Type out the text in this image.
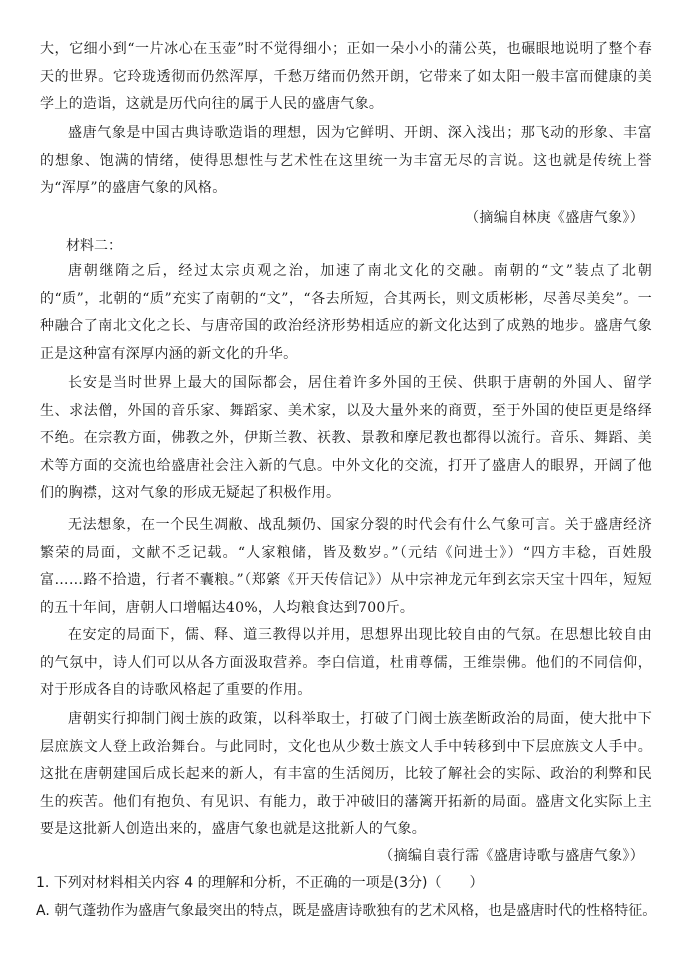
大，它细小到“一片冰心在玉壶”时不觉得细小；正如一朵小小的蒲公英，也碾眼地说明了整个春天的世界。它玲珑透彻而仍然浑厚，千愁万绪而仍然开朗，它带来了如太阳一般丰富而健康的美学上的造诣，这就是历代向往的属于人民的盛唐气象。

盛唐气象是中国古典诗歌造诣的理想，因为它鲜明、开朗、深入浅出；那飞动的形象、丰富的想象、饱满的情绪，使得思想性与艺术性在这里统一为丰富无尽的言说。这也就是传统上誉为“浑厚”的盛唐气象的风格。

（摘编自林庚《盛唐气象》）
材料二：

唐朝继隋之后，经过太宗贞观之治，加速了南北文化的交融。南朝的“文”装点了北朝的“质”，北朝的“质”充实了南朝的“文”，“各去所短，合其两长，则文质彬彬，尽善尽美矣”。一种融合了南北文化之长、与唐帝国的政治经济形势相适应的新文化达到了成熟的地步。盛唐气象正是这种富有深厚内涵的新文化的升华。

长安是当时世界上最大的国际都会，居住着许多外国的王侯、供职于唐朝的外国人、留学生、求法僧，外国的音乐家、舞蹈家、美术家，以及大量外来的商贾，至于外国的使臣更是络绎不绝。在宗教方面，佛教之外，伊斯兰教、祆教、景教和摩尼教也都得以流行。音乐、舞蹈、美术等方面的交流也给盛唐社会注入新的气息。中外文化的交流，打开了盛唐人的眼界，开阔了他们的胸襟，这对气象的形成无疑起了积极作用。

无法想象，在一个民生凋敝、战乱频仍、国家分裂的时代会有什么气象可言。关于盛唐经济繁荣的局面，文献不乏记载。“人家粮储，皆及数岁。”（元结《问进士》）“四方丰稔，百姓殷富……路不拾遗，行者不囊粮。”（郑綮《开天传信记》）从中宗神龙元年到玄宗天宝十四年，短短的五十年间，唐朝人口增幅达40%，人均粮食达到700斤。

在安定的局面下，儒、释、道三教得以并用，思想界出现比较自由的气氛。在思想比较自由的气氛中，诗人们可以从各方面汲取营养。李白信道，杜甫尊儒，王维崇佛。他们的不同信仰，对于形成各自的诗歌风格起了重要的作用。

唐朝实行抑制门阀士族的政策，以科举取士，打破了门阀士族垄断政治的局面，使大批中下层庶族文人登上政治舞台。与此同时，文化也从少数士族文人手中转移到中下层庶族文人手中。这批在唐朝建国后成长起来的新人，有丰富的生活阅历，比较了解社会的实际、政治的利弊和民生的疾苦。他们有抱负、有见识、有能力，敢于冲破旧的藩篱开拓新的局面。盛唐文化实际上主要是这批新人创造出来的，盛唐气象也就是这批新人的气象。

（摘编自袁行霈《盛唐诗歌与盛唐气象》）

1. 下列对材料相关内容 4 的理解和分析，不正确的一项是(3分)（　　）

A. 朝气蓬勃作为盛唐气象最突出的特点，既是盛唐诗歌独有的艺术风格，也是盛唐时代的性格特征。
